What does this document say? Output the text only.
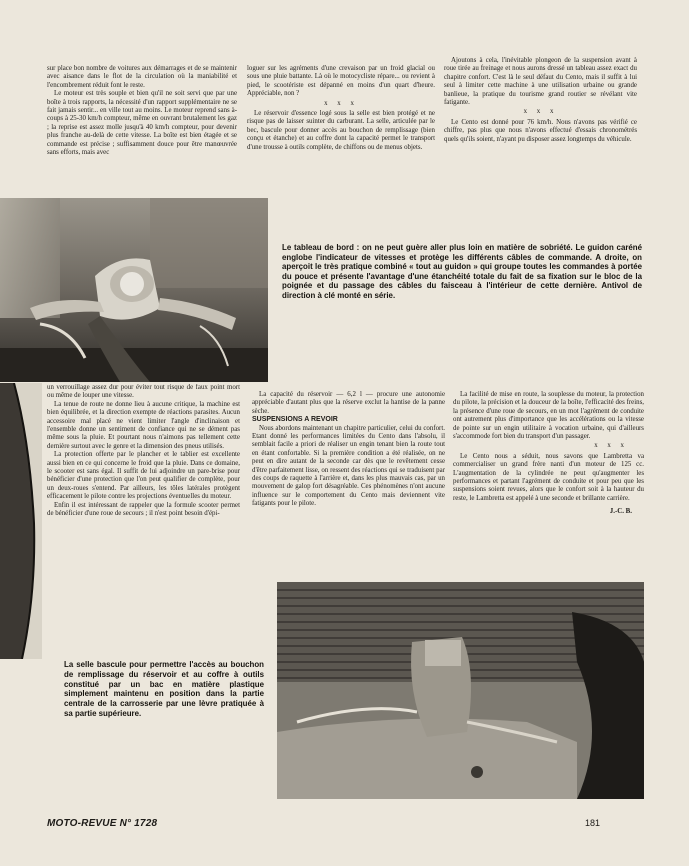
sur place bon nombre de voitures aux démarrages et de se maintenir avec aisance dans le flot de la circulation où la maniabilité et l'encombrement réduit font le reste.

Le moteur est très souple et bien qu'il ne soit servi que par une boîte à trois rapports, la nécessité d'un rapport supplémentaire ne se fait jamais sentir... en ville tout au moins. Le moteur reprend sans à-coups à 25-30 km/h compteur, même en ouvrant brutalement les gaz ; la reprise est assez molle jusqu'à 40 km/h compteur, pour devenir plus franche au-delà de cette vitesse. La boîte est bien étagée et se commande est précise ; suffisamment douce pour être manœuvrée sans efforts, mais avec

loguer sur les agréments d'une crevaison par un froid glacial ou sous une pluie battante. Là où le motocycliste répare... ou revient à pied, le scootériste est dépanné en moins d'un quart d'heure. Appréciable, non ?

x x x

Le réservoir d'essence logé sous la selle est bien protégé et ne risque pas de laisser suinter du carburant. La selle, articulée par le bec, bascule pour donner accès au bouchon de remplissage (bien conçu et étanche) et au coffre dont la capacité permet le transport d'une trousse à outils complète, de chiffons ou de menus objets.

Ajoutons à cela, l'inévitable plongeon de la suspension avant à roue tirée au freinage et nous aurons dressé un tableau assez exact du chapitre confort. C'est là le seul défaut du Cento, mais il suffit à lui seul à limiter cette machine à une utilisation urbaine ou grande banlieue, la pratique du tourisme grand routier se révélant vite fatigante.

x x x

Le Cento est donné pour 76 km/h. Nous n'avons pas vérifié ce chiffre, pas plus que nous n'avons effectué d'essais chronométrés quels qu'ils soient, n'ayant pu disposer assez longtemps du véhicule.

Le tableau de bord : on ne peut guère aller plus loin en matière de sobriété. Le guidon caréné englobe l'indicateur de vitesses et protège les différents câbles de commande. A droite, on aperçoit le très pratique combiné « tout au guidon » qui groupe toutes les commandes à portée du pouce et présente l'avantage d'une étanchéité totale du fait de sa fixation sur le bloc de la poignée et du passage des câbles du faisceau à l'intérieur de cette dernière. Antivol de direction à clé monté en série.

un verrouillage assez dur pour éviter tout risque de faux point mort ou même de louper une vitesse.

La tenue de route ne donne lieu à aucune critique, la machine est bien équilibrée, et la direction exempte de réactions parasites. Aucun accessoire mal placé ne vient limiter l'angle d'inclinaison et l'ensemble donne un sentiment de confiance qui ne se dément pas même sous la pluie. Et pourtant nous n'aimons pas tellement cette dernière surtout avec le genre et la dimension des pneus utilisés.

La protection offerte par le plancher et le tablier est excellente aussi bien en ce qui concerne le froid que la pluie. Dans ce domaine, le scooter est sans égal. Il suffit de lui adjoindre un pare-brise pour bénéficier d'une protection que l'on peut qualifier de complète, pour un deux-roues s'entend. Par ailleurs, les tôles latérales protègent efficacement le pilote contre les projections éventuelles du moteur.

Enfin il est intéressant de rappeler que la formule scooter permet de bénéficier d'une roue de secours ; il n'est point besoin d'épi-

La capacité du réservoir — 6,2 l — procure une autonomie appréciable d'autant plus que la réserve exclut la hantise de la panne sèche.

SUSPENSIONS A REVOIR

Nous abordons maintenant un chapitre particulier, celui du confort. Etant donné les performances limitées du Cento dans l'absolu, il semblait facile a priori de réaliser un engin tenant bien la route tout en étant confortable. Si la première condition a été réalisée, on ne peut en dire autant de la seconde car dès que le revêtement cesse d'être parfaitement lisse, on ressent des réactions qui se traduisent par des coups de raquette à l'arrière et, dans les plus mauvais cas, par un mouvement de galop fort désagréable. Ces phénomènes n'ont aucune influence sur le comportement du Cento mais deviennent vite fatigants pour le pilote.

La facilité de mise en route, la souplesse du moteur, la protection du pilote, la précision et la douceur de la boîte, l'efficacité des freins, la présence d'une roue de secours, en un mot l'agrément de conduite ont autrement plus d'importance que les accélérations ou la vitesse de pointe sur un engin utilitaire à vocation urbaine, qui d'ailleurs s'accommode fort bien du transport d'un passager.

x x x

Le Cento nous a séduit, nous savons que Lambretta va commercialiser un grand frère nanti d'un moteur de 125 cc. L'augmentation de la cylindrée ne peut qu'augmenter les performances et partant l'agrément de conduite et pour peu que les suspensions soient revues, alors que le confort soit à la hauteur du reste, le Lambretta est appelé à une seconde et brillante carrière.

J.-C. B.
La selle bascule pour permettre l'accès au bouchon de remplissage du réservoir et au coffre à outils constitué par un bac en matière plastique simplement maintenu en position dans la partie centrale de la carrosserie par une lèvre pratiquée à sa partie supérieure.
MOTO-REVUE N° 1728	181
